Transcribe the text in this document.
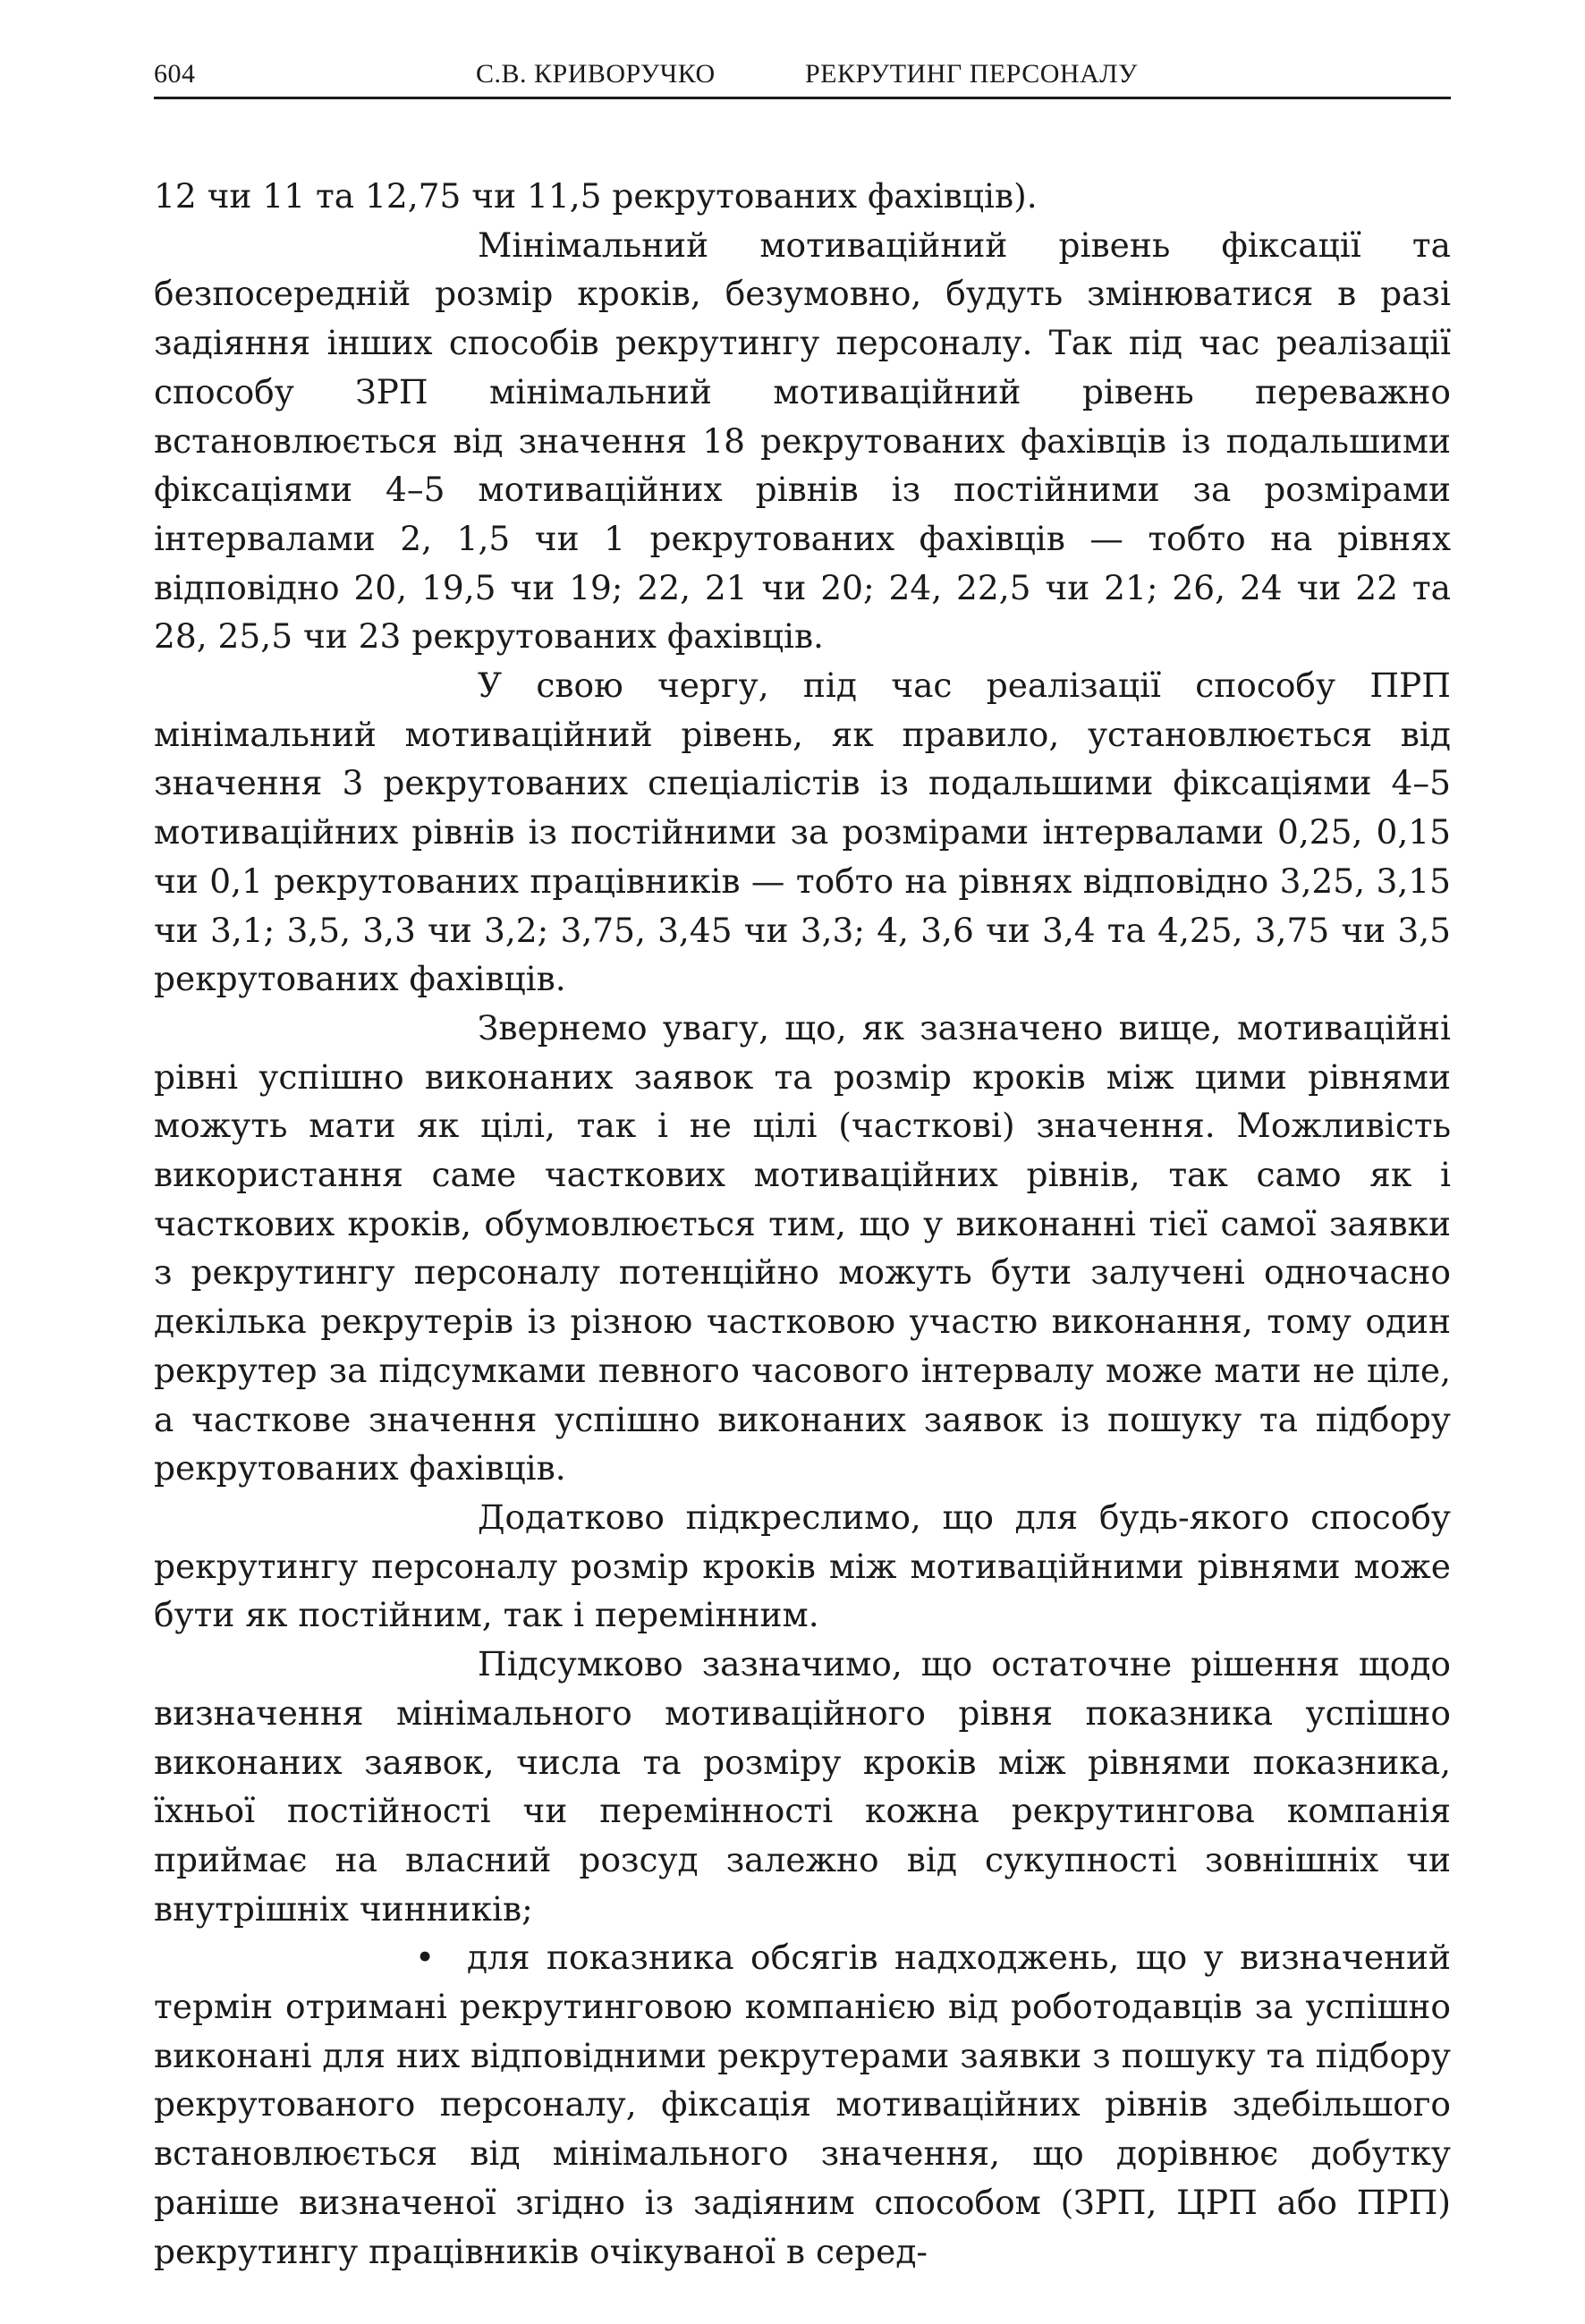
604	С.В. КРИВОРУЧКО	РЕКРУТИНГ ПЕРСОНАЛУ

12 чи 11 та 12,75 чи 11,5 рекрутованих фахівців).

Мінімальний мотиваційний рівень фіксації та безпосередній розмір кроків, безумовно, будуть змінюватися в разі задіяння інших способів рекрутингу персоналу. Так під час реалізації способу ЗРП мінімальний мотиваційний рівень переважно встановлюється від значення 18 рекрутованих фахівців із подальшими фіксаціями 4–5 мотиваційних рівнів із постійними за розмірами інтервалами 2, 1,5 чи 1 рекрутованих фахівців — тобто на рівнях відповідно 20, 19,5 чи 19; 22, 21 чи 20; 24, 22,5 чи 21; 26, 24 чи 22 та 28, 25,5 чи 23 рекрутованих фахівців.

У свою чергу, під час реалізації способу ПРП мінімальний мотиваційний рівень, як правило, установлюється від значення 3 рекрутованих спеціалістів із подальшими фіксаціями 4–5 мотиваційних рівнів із постійними за розмірами інтервалами 0,25, 0,15 чи 0,1 рекрутованих працівників — тобто на рівнях відповідно 3,25, 3,15 чи 3,1; 3,5, 3,3 чи 3,2; 3,75, 3,45 чи 3,3; 4, 3,6 чи 3,4 та 4,25, 3,75 чи 3,5 рекрутованих фахівців.

Звернемо увагу, що, як зазначено вище, мотиваційні рівні успішно виконаних заявок та розмір кроків між цими рівнями можуть мати як цілі, так і не цілі (часткові) значення. Можливість використання саме часткових мотиваційних рівнів, так само як і часткових кроків, обумовлюється тим, що у виконанні тієї самої заявки з рекрутингу персоналу потенційно можуть бути залучені одночасно декілька рекрутерів із різною частковою участю виконання, тому один рекрутер за підсумками певного часового інтервалу може мати не ціле, а часткове значення успішно виконаних заявок із пошуку та підбору рекрутованих фахівців.

Додатково підкреслимо, що для будь-якого способу рекрутингу персоналу розмір кроків між мотиваційними рівнями може бути як постійним, так і перемінним.

Підсумково зазначимо, що остаточне рішення щодо визначення мінімального мотиваційного рівня показника успішно виконаних заявок, числа та розміру кроків між рівнями показника, їхньої постійності чи перемінності кожна рекрутингова компанія приймає на власний розсуд залежно від сукупності зовнішніх чи внутрішніх чинників;

• для показника обсягів надходжень, що у визначений термін отримані рекрутинговою компанією від роботодавців за успішно виконані для них відповідними рекрутерами заявки з пошуку та підбору рекрутованого персоналу, фіксація мотиваційних рівнів здебільшого встановлюється від мінімального значення, що дорівнює добутку раніше визначеної згідно із задіяним способом (ЗРП, ЦРП або ПРП) рекрутингу працівників очікуваної в серед-
